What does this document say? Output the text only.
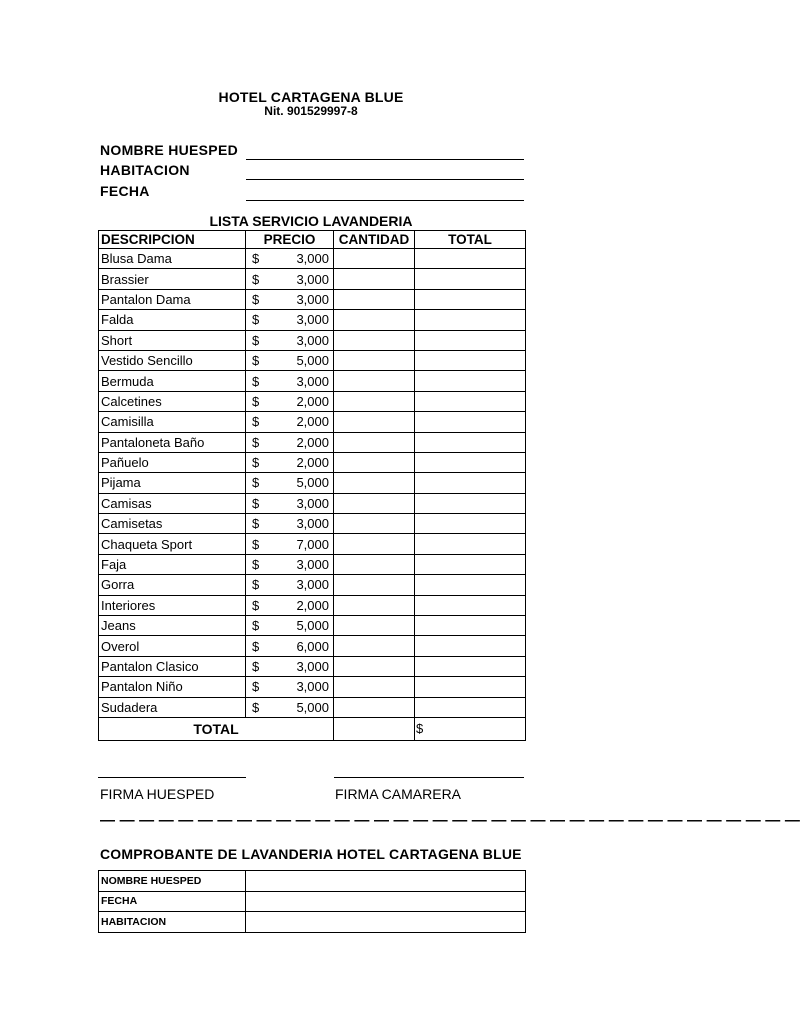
HOTEL CARTAGENA BLUE
Nit. 901529997-8
NOMBRE HUESPED
HABITACION
FECHA
LISTA SERVICIO LAVANDERIA
DESCRIPCION	PRECIO	CANTIDAD	TOTAL
Blusa Dama	$ 3,000		

Brassier	$ 3,000		

Pantalon Dama	$ 3,000		

Falda	$ 3,000		

Short	$ 3,000		

Vestido Sencillo	$ 5,000		

Bermuda	$ 3,000		

Calcetines	$ 2,000		

Camisilla	$ 2,000		

Pantaloneta Baño	$ 2,000		

Pañuelo	$ 2,000		

Pijama	$ 5,000		

Camisas	$ 3,000		

Camisetas	$ 3,000		

Chaqueta Sport	$ 7,000		

Faja	$ 3,000		

Gorra	$ 3,000		

Interiores	$ 2,000		

Jeans	$ 5,000		

Overol	$ 6,000		

Pantalon Clasico	$ 3,000		

Pantalon Niño	$ 3,000		

Sudadera	$ 5,000		

TOTAL			$
FIRMA HUESPED	FIRMA CAMARERA
— — — — — — — — — — — — — — — — — — — — — — — — — — — — — — — — — — — —
COMPROBANTE DE LAVANDERIA HOTEL CARTAGENA BLUE
NOMBRE HUESPED	
FECHA	
HABITACION	
